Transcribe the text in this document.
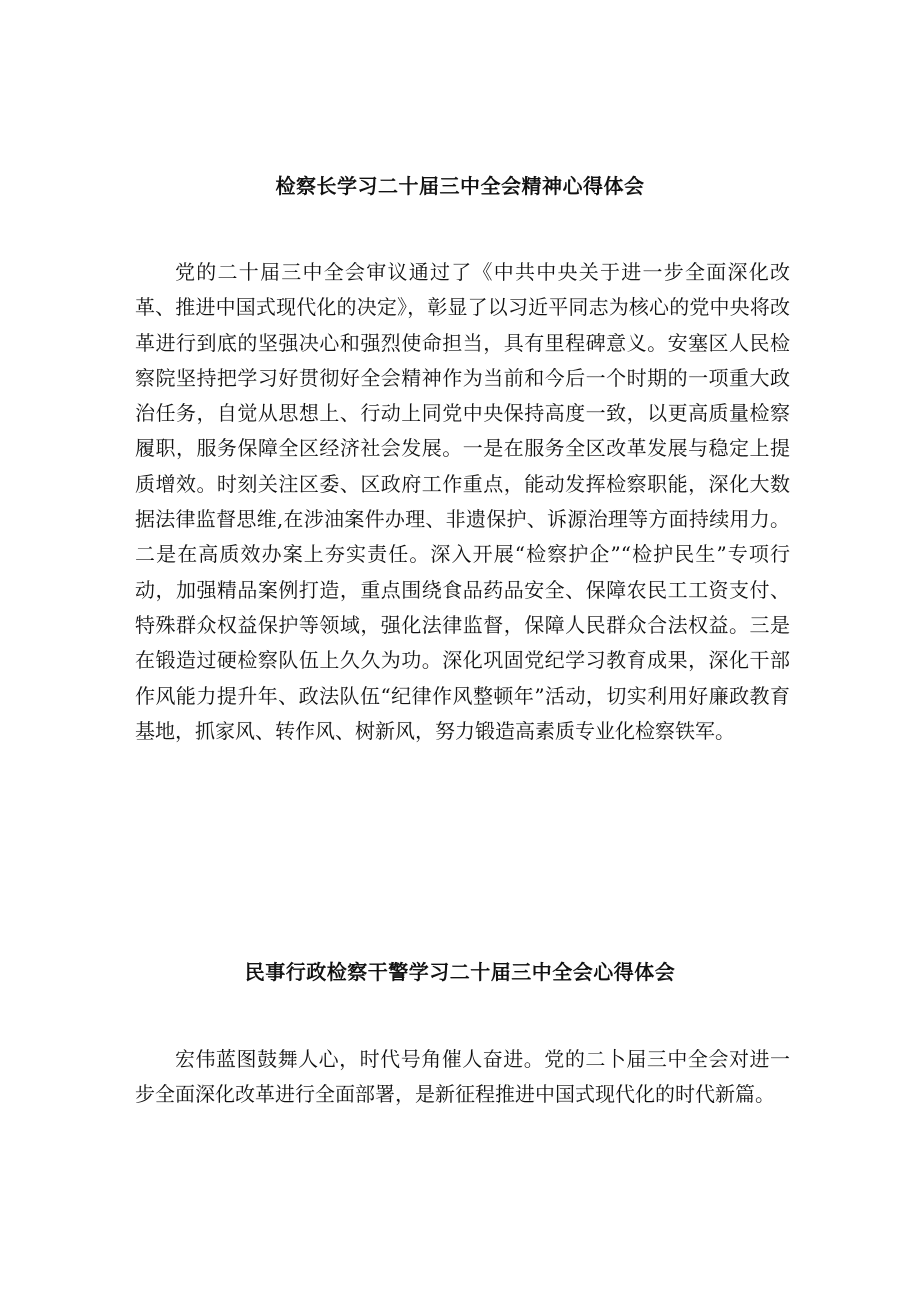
检察长学习二十届三中全会精神心得体会

党的二十届三中全会审议通过了《中共中央关于进一步全面深化改革、推进中国式现代化的决定》，彰显了以习近平同志为核心的党中央将改革进行到底的坚强决心和强烈使命担当，具有里程碑意义。安塞区人民检察院坚持把学习好贯彻好全会精神作为当前和今后一个时期的一项重大政治任务，自觉从思想上、行动上同党中央保持高度一致，以更高质量检察履职，服务保障全区经济社会发展。一是在服务全区改革发展与稳定上提质增效。时刻关注区委、区政府工作重点，能动发挥检察职能，深化大数据法律监督思维,在涉油案件办理、非遗保护、诉源治理等方面持续用力。二是在高质效办案上夯实责任。深入开展“检察护企”“检护民生”专项行动，加强精品案例打造，重点围绕食品药品安全、保障农民工工资支付、特殊群众权益保护等领域，强化法律监督，保障人民群众合法权益。三是在锻造过硬检察队伍上久久为功。深化巩固党纪学习教育成果，深化干部作风能力提升年、政法队伍“纪律作风整顿年”活动，切实利用好廉政教育基地，抓家风、转作风、树新风，努力锻造高素质专业化检察铁军。

民事行政检察干警学习二十届三中全会心得体会

宏伟蓝图鼓舞人心，时代号角催人奋进。党的二卜届三中全会对进一步全面深化改革进行全面部署，是新征程推进中国式现代化的时代新篇。
